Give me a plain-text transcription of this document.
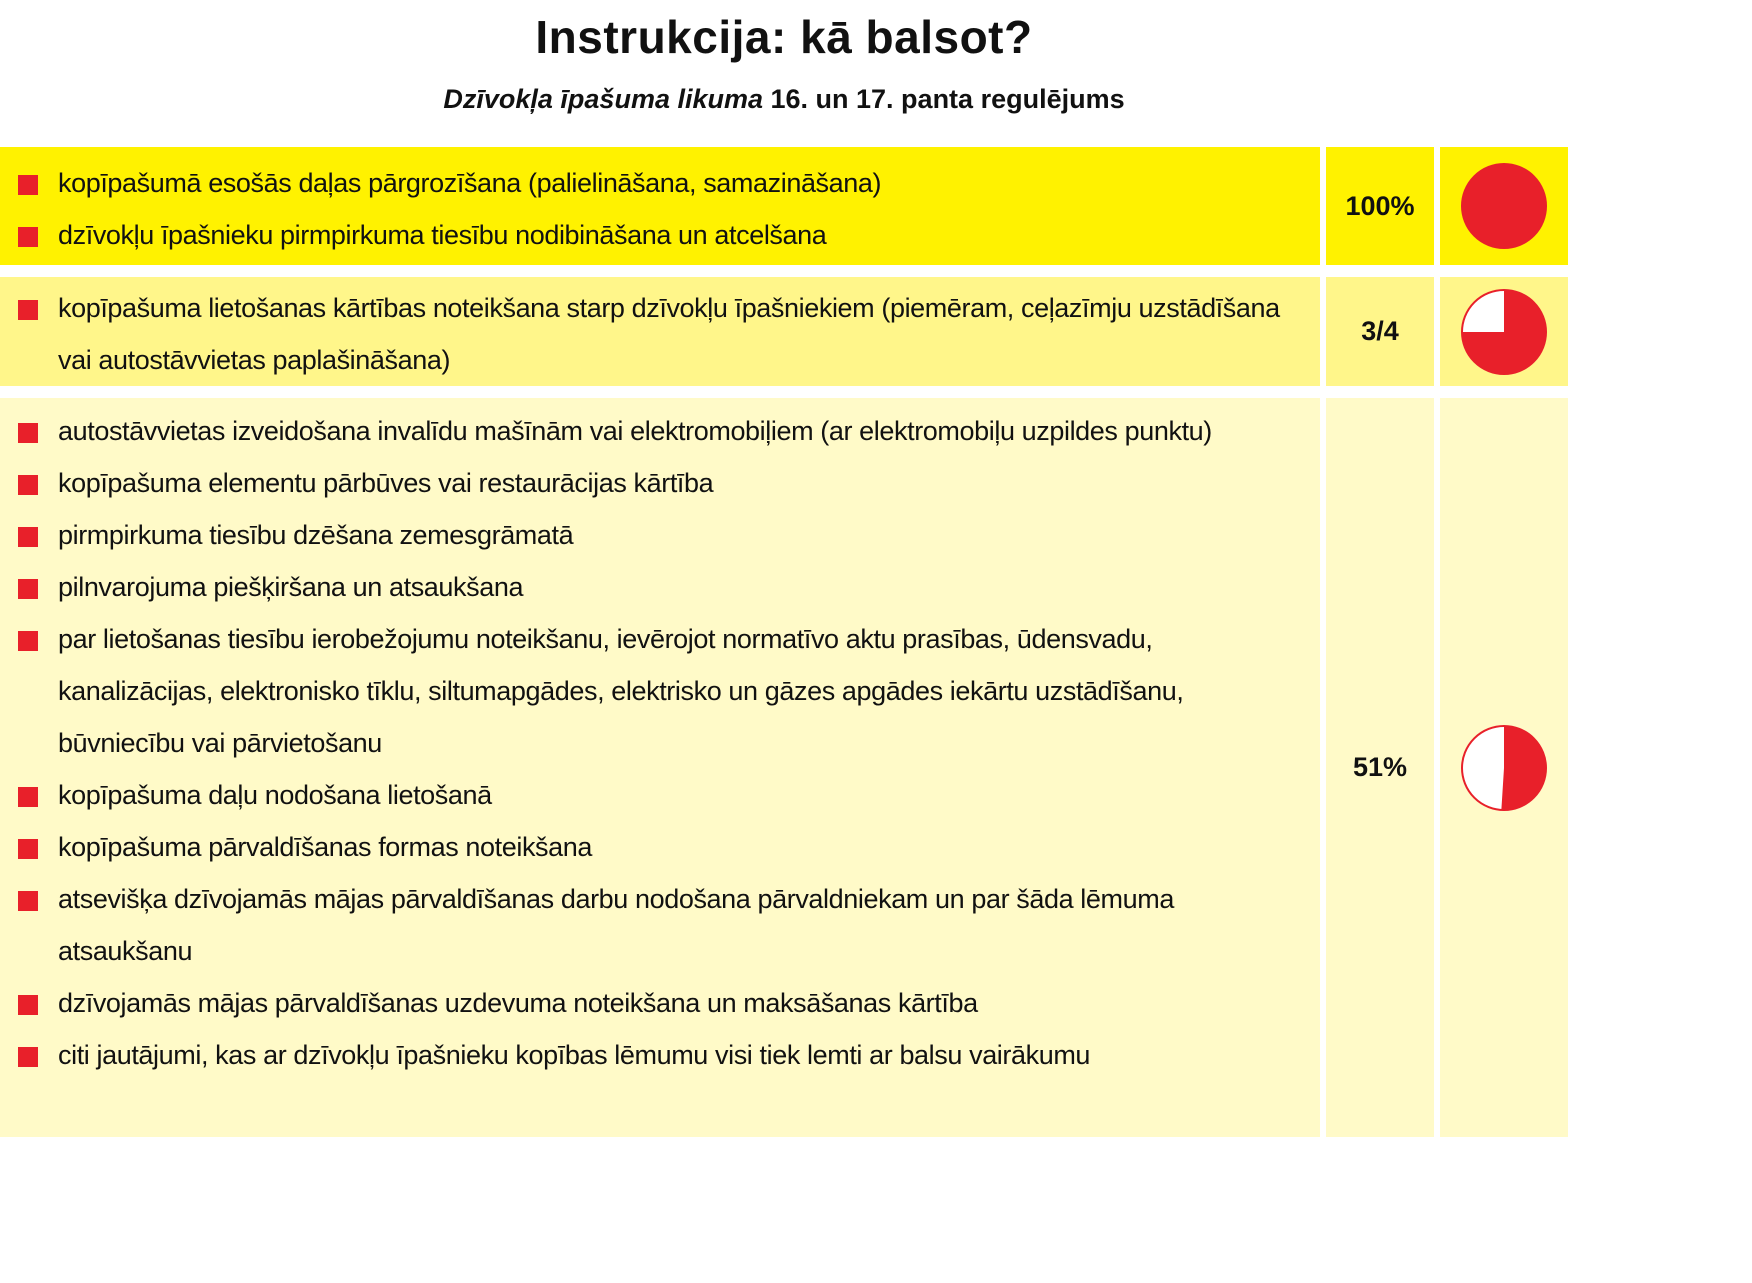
Instrukcija: kā balsot?
Dzīvokļa īpašuma likuma 16. un 17. panta regulējums
kopīpašumā esošās daļas pārgrozīšana (palielināšana, samazināšana)
dzīvokļu īpašnieku pirmpirkuma tiesību nodibināšana un atcelšana
100%
kopīpašuma lietošanas kārtības noteikšana starp dzīvokļu īpašniekiem (piemēram, ceļazīmju uzstādīšana vai autostāvvietas paplašināšana)
3/4
autostāvvietas izveidošana invalīdu mašīnām vai elektromobiļiem (ar elektromobiļu uzpildes punktu)
kopīpašuma elementu pārbūves vai restaurācijas kārtība
pirmpirkuma tiesību dzēšana zemesgrāmatā
pilnvarojuma piešķiršana un atsaukšana
par lietošanas tiesību ierobežojumu noteikšanu, ievērojot normatīvo aktu prasības, ūdensvadu, kanalizācijas, elektronisko tīklu, siltumapgādes, elektrisko un gāzes apgādes iekārtu uzstādīšanu, būvniecību vai pārvietošanu
kopīpašuma daļu nodošana lietošanā
kopīpašuma pārvaldīšanas formas noteikšana
atsevišķa dzīvojamās mājas pārvaldīšanas darbu nodošana pārvaldniekam un par šāda lēmuma atsaukšanu
dzīvojamās mājas pārvaldīšanas uzdevuma noteikšana un maksāšanas kārtība
citi jautājumi, kas ar dzīvokļu īpašnieku kopības lēmumu visi tiek lemti ar balsu vairākumu
51%
